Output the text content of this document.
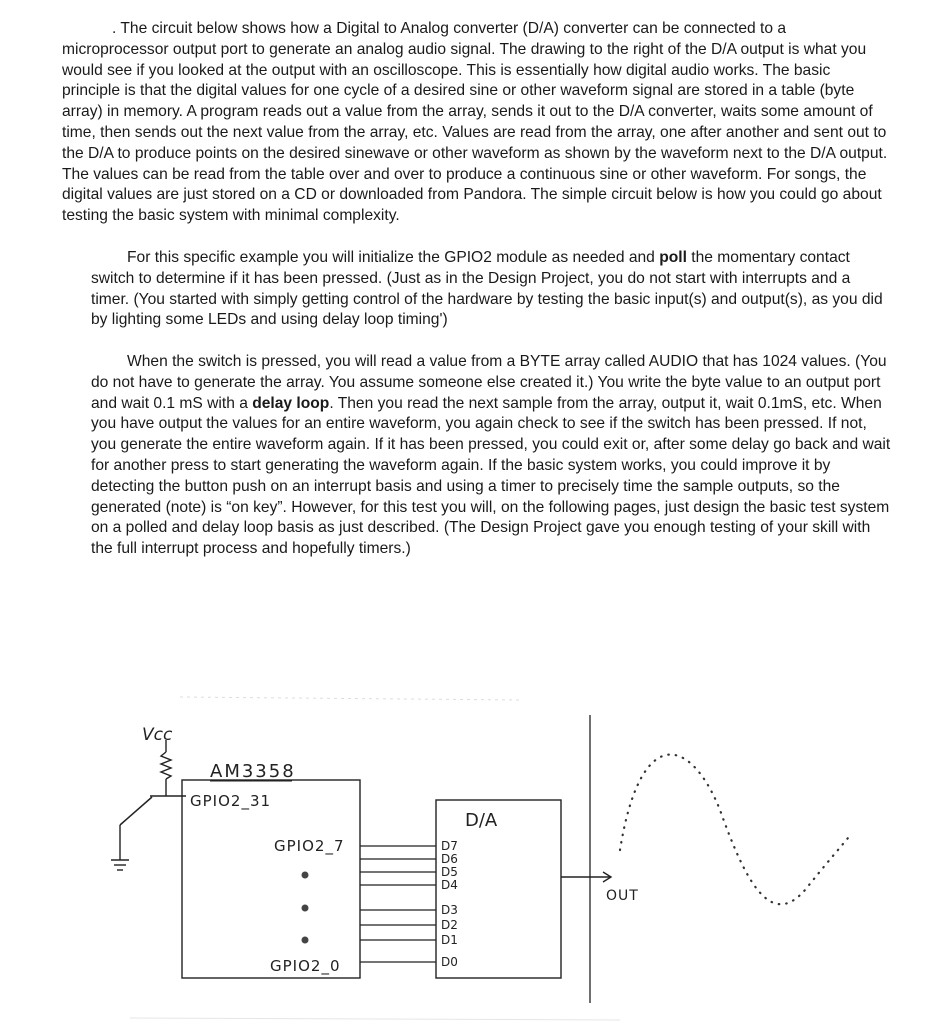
. The circuit below shows how a Digital to Analog converter (D/A) converter can be connected to a microprocessor output port to generate an analog audio signal. The drawing to the right of the D/A output is what you would see if you looked at the output with an oscilloscope. This is essentially how digital audio works. The basic principle is that the digital values for one cycle of a desired sine or other waveform signal are stored in a table (byte array) in memory. A program reads out a value from the array, sends it out to the D/A converter, waits some amount of time, then sends out the next value from the array, etc. Values are read from the array, one after another and sent out to the D/A to produce points on the desired sinewave or other waveform as shown by the waveform next to the D/A output. The values can be read from the table over and over to produce a continuous sine or other waveform. For songs, the digital values are just stored on a CD or downloaded from Pandora. The simple circuit below is how you could go about testing the basic system with minimal complexity.

For this specific example you will initialize the GPIO2 module as needed and poll the momentary contact switch to determine if it has been pressed. (Just as in the Design Project, you do not start with interrupts and a timer. (You started with simply getting control of the hardware by testing the basic input(s) and output(s), as you did by lighting some LEDs and using delay loop timing')

When the switch is pressed, you will read a value from a BYTE array called AUDIO that has 1024 values. (You do not have to generate the array. You assume someone else created it.) You write the byte value to an output port and wait 0.1 mS with a delay loop. Then you read the next sample from the array, output it, wait 0.1mS, etc. When you have output the values for an entire waveform, you again check to see if the switch has been pressed. If not, you generate the entire waveform again. If it has been pressed, you could exit or, after some delay go back and wait for another press to start generating the waveform again. If the basic system works, you could improve it by detecting the button push on an interrupt basis and using a timer to precisely time the sample outputs, so the generated (note) is “on key”. However, for this test you will, on the following pages, just design the basic test system on a polled and delay loop basis as just described. (The Design Project gave you enough testing of your skill with the full interrupt process and hopefully timers.)

Vcc
AM3358
GPIO2_31
GPIO2_7
GPIO2_0
D/A
D7
D6
D5
D4
D3
D2
D1
D0
OUT
